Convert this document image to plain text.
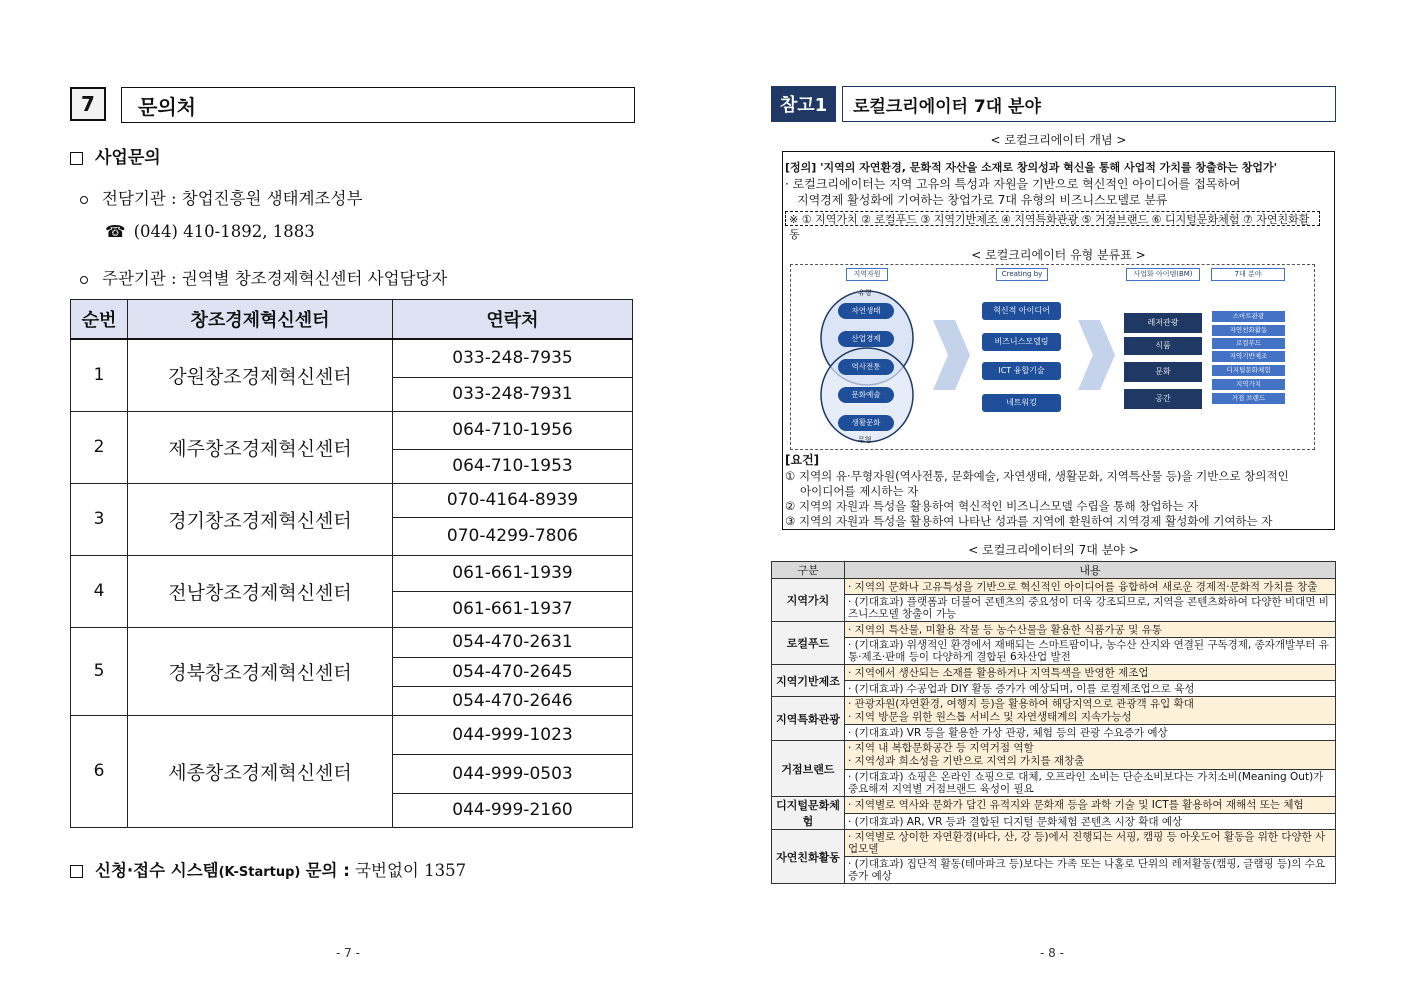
7	문의처
사업문의
전담기관 : 창업진흥원 생태계조성부
☎ (044) 410-1892, 1883
주관기관 : 권역별 창조경제혁신센터 사업담당자
순번	창조경제혁신센터	연락처
1	강원창조경제혁신센터	033-248-7935
		033-248-7931
2	제주창조경제혁신센터	064-710-1956
		064-710-1953
3	경기창조경제혁신센터	070-4164-8939
		070-4299-7806
4	전남창조경제혁신센터	061-661-1939
		061-661-1937
5	경북창조경제혁신센터	054-470-2631
		054-470-2645
		054-470-2646
6	세종창조경제혁신센터	044-999-1023
		044-999-0503
		044-999-2160
신청·접수 시스템(K-Startup) 문의 : 국번없이 1357
- 7 -
참고1	로컬크리에이터 7대 분야
< 로컬크리에이터 개념 >
[정의] '지역의 자연환경, 문화적 자산을 소재로 창의성과 혁신을 통해 사업적 가치를 창출하는 창업가'
· 로컬크리에이터는 지역 고유의 특성과 자원을 기반으로 혁신적인 아이디어를 접목하여
지역경제 활성화에 기여하는 창업가로 7대 유형의 비즈니스모델로 분류
※ ① 지역가치 ② 로컬푸드 ③ 지역기반제조 ④ 지역특화관광 ⑤ 거점브랜드 ⑥ 디지털문화체험 ⑦ 자연친화활동
< 로컬크리에이터 유형 분류표 >
지역자원	Creating by	사업화 아이템(BM)	7대 분야
유형
무형
자연생태
산업경제
역사전통
문화예술
생활문화
혁신적 아이디어
비즈니스모델링
ICT 융합기술
네트워킹
레저관광
식품
문화
공간
스마트관광
자연친화활동
로컬푸드
지역기반제조
디지털문화체험
지역가치
거점 브랜드
[요건]
① 지역의 유·무형자원(역사전통, 문화예술, 자연생태, 생활문화, 지역특산물 등)을 기반으로 창의적인
아이디어를 제시하는 자
② 지역의 자원과 특성을 활용하여 혁신적인 비즈니스모델 수립을 통해 창업하는 자
③ 지역의 자원과 특성을 활용하여 나타난 성과를 지역에 환원하여 지역경제 활성화에 기여하는 자
< 로컬크리에이터의 7대 분야 >
구분	내용
지역가치	· 지역의 문화나 고유특성을 기반으로 혁신적인 아이디어를 융합하여 새로운 경제적·문화적 가치를 창출
	· (기대효과) 플랫폼과 더불어 콘텐츠의 중요성이 더욱 강조되므로, 지역을 콘텐츠화하여 다양한 비대면 비즈니스모델 창출이 가능
로컬푸드	· 지역의 특산물, 미활용 작물 등 농수산물을 활용한 식품가공 및 유통
	· (기대효과) 위생적인 환경에서 재배되는 스마트팜이나, 농수산 산지와 연결된 구독경제, 종자개발부터 유통·제조·판매 등이 다양하게 결합된 6차산업 발전
지역기반제조	· 지역에서 생산되는 소재를 활용하거나 지역특색을 반영한 제조업
	· (기대효과) 수공업과 DIY 활동 증가가 예상되며, 이를 로컬제조업으로 육성
지역특화관광	· 관광자원(자연환경, 여행지 등)을 활용하여 해당지역으로 관광객 유입 확대
· 지역 방문을 위한 원스톱 서비스 및 자연생태계의 지속가능성
	· (기대효과) VR 등을 활용한 가상 관광, 체험 등의 관광 수요증가 예상
거점브랜드	· 지역 내 복합문화공간 등 지역거점 역할
· 지역성과 희소성을 기반으로 지역의 가치를 재창출
	· (기대효과) 쇼핑은 온라인 쇼핑으로 대체, 오프라인 소비는 단순소비보다는 가치소비(Meaning Out)가 중요해져 지역별 거점브랜드 육성이 필요
디지털문화체험	· 지역별로 역사와 문화가 담긴 유적지와 문화재 등을 과학 기술 및 ICT를 활용하여 재해석 또는 체험
	· (기대효과) AR, VR 등과 결합된 디지털 문화체험 콘텐츠 시장 확대 예상
자연친화활동	· 지역별로 상이한 자연환경(바다, 산, 강 등)에서 진행되는 서핑, 캠핑 등 아웃도어 활동을 위한 다양한 사업모델
	· (기대효과) 집단적 활동(테마파크 등)보다는 가족 또는 나홀로 단위의 레저활동(캠핑, 글램핑 등)의 수요증가 예상
- 8 -
